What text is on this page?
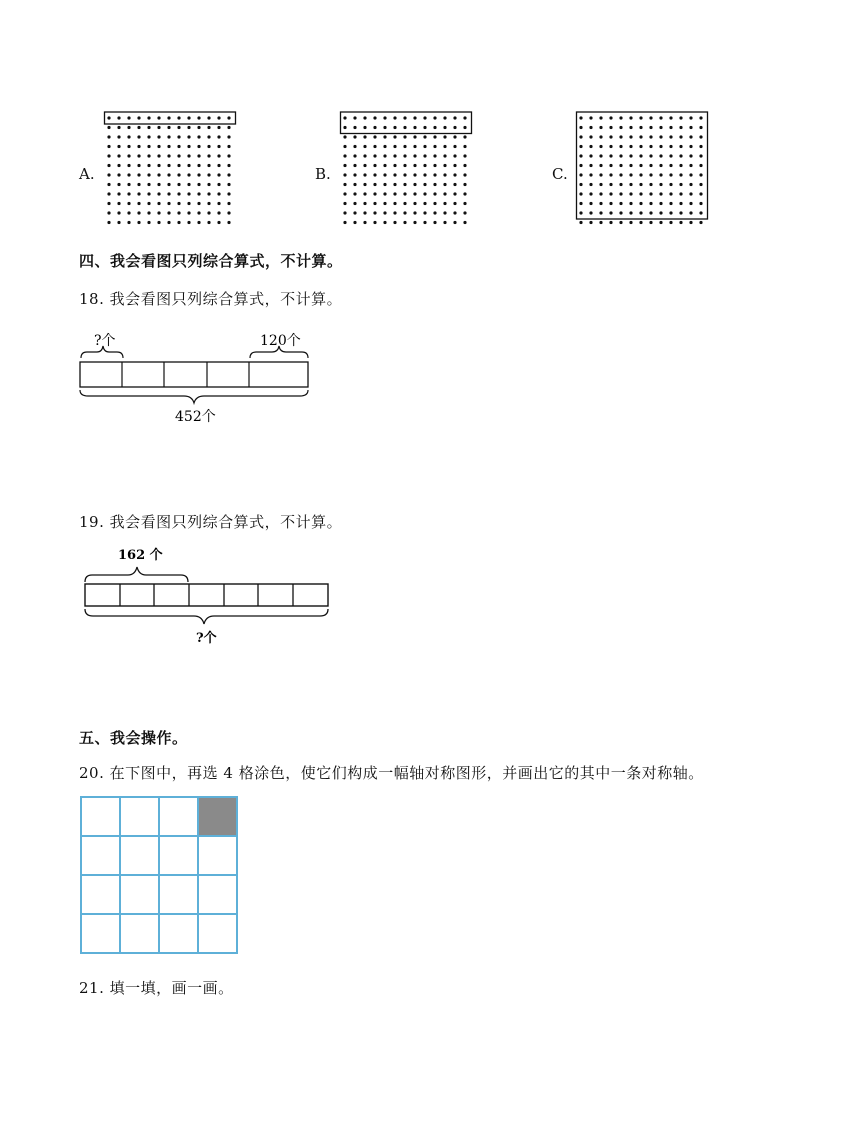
A.	B.	C.
四、我会看图只列综合算式，不计算。
18. 我会看图只列综合算式，不计算。
?个	120个
452个
19. 我会看图只列综合算式，不计算。
162 个
?个
五、我会操作。
20. 在下图中，再选 4 格涂色，使它们构成一幅轴对称图形，并画出它的其中一条对称轴。

21. 填一填，画一画。
